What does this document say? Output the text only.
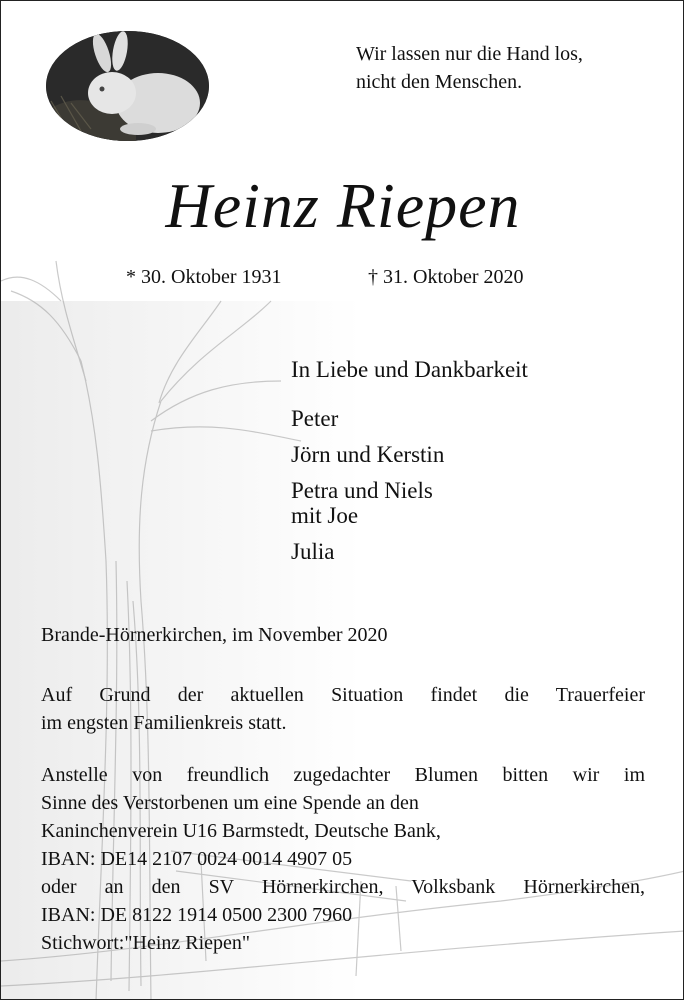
Wir lassen nur die Hand los,
nicht den Menschen.
Heinz Riepen
* 30. Oktober 1931	† 31. Oktober 2020
In Liebe und Dankbarkeit
Peter
Jörn und Kerstin
Petra und Niels
mit Joe
Julia
Brande-Hörnerkirchen, im November 2020
Auf Grund der aktuellen Situation findet die Trauerfeier
im engsten Familienkreis statt.
Anstelle von freundlich zugedachter Blumen bitten wir im
Sinne des Verstorbenen um eine Spende an den
Kaninchenverein U16 Barmstedt, Deutsche Bank,
IBAN: DE14 2107 0024 0014 4907 05
oder an den SV Hörnerkirchen, Volksbank Hörnerkirchen,
IBAN: DE 8122 1914 0500 2300 7960
Stichwort:"Heinz Riepen"
